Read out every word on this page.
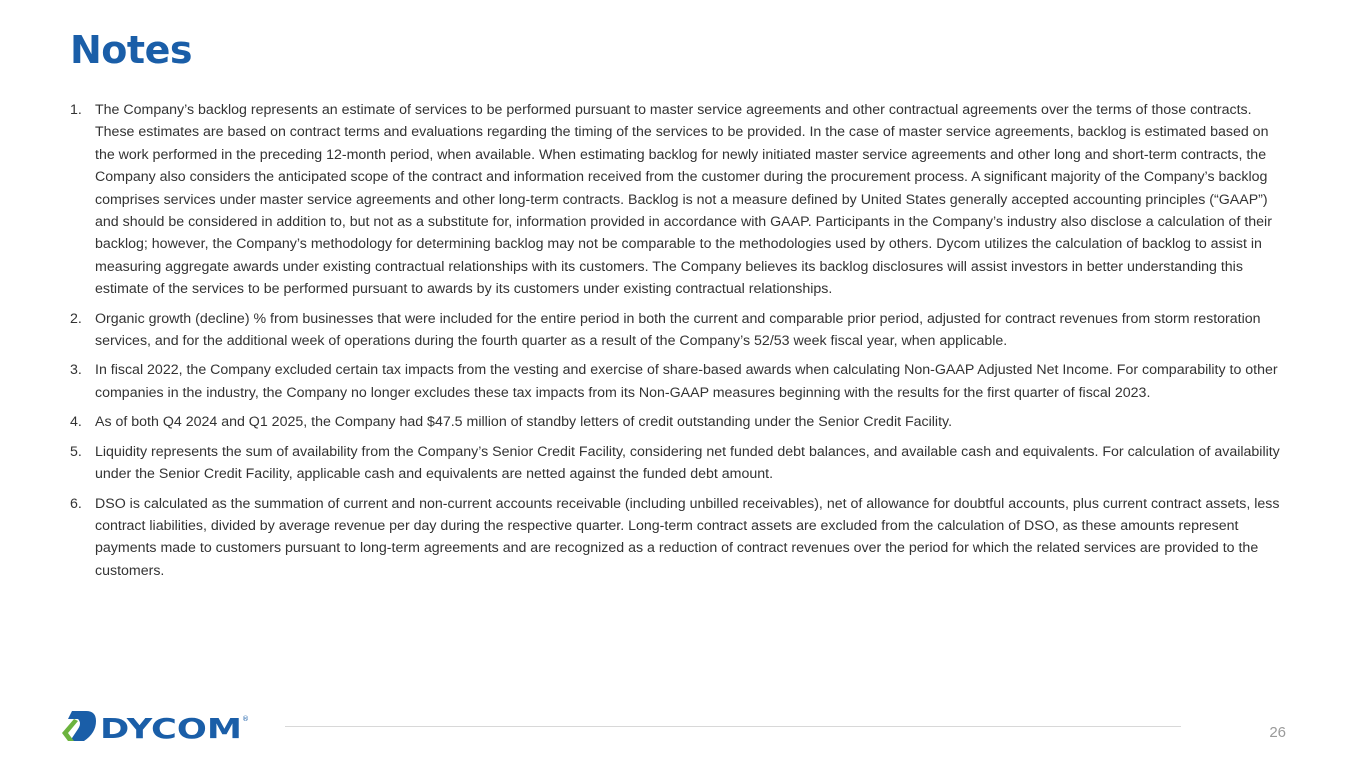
Notes
1. The Company’s backlog represents an estimate of services to be performed pursuant to master service agreements and other contractual agreements over the terms of those contracts. These estimates are based on contract terms and evaluations regarding the timing of the services to be provided. In the case of master service agreements, backlog is estimated based on the work performed in the preceding 12-month period, when available. When estimating backlog for newly initiated master service agreements and other long and short-term contracts, the Company also considers the anticipated scope of the contract and information received from the customer during the procurement process. A significant majority of the Company’s backlog comprises services under master service agreements and other long-term contracts. Backlog is not a measure defined by United States generally accepted accounting principles (“GAAP”) and should be considered in addition to, but not as a substitute for, information provided in accordance with GAAP. Participants in the Company’s industry also disclose a calculation of their backlog; however, the Company’s methodology for determining backlog may not be comparable to the methodologies used by others. Dycom utilizes the calculation of backlog to assist in measuring aggregate awards under existing contractual relationships with its customers. The Company believes its backlog disclosures will assist investors in better understanding this estimate of the services to be performed pursuant to awards by its customers under existing contractual relationships.
2. Organic growth (decline) % from businesses that were included for the entire period in both the current and comparable prior period, adjusted for contract revenues from storm restoration services, and for the additional week of operations during the fourth quarter as a result of the Company’s 52/53 week fiscal year, when applicable.
3. In fiscal 2022, the Company excluded certain tax impacts from the vesting and exercise of share-based awards when calculating Non-GAAP Adjusted Net Income. For comparability to other companies in the industry, the Company no longer excludes these tax impacts from its Non-GAAP measures beginning with the results for the first quarter of fiscal 2023.
4. As of both Q4 2024 and Q1 2025, the Company had $47.5 million of standby letters of credit outstanding under the Senior Credit Facility.
5. Liquidity represents the sum of availability from the Company’s Senior Credit Facility, considering net funded debt balances, and available cash and equivalents. For calculation of availability under the Senior Credit Facility, applicable cash and equivalents are netted against the funded debt amount.
6. DSO is calculated as the summation of current and non-current accounts receivable (including unbilled receivables), net of allowance for doubtful accounts, plus current contract assets, less contract liabilities, divided by average revenue per day during the respective quarter. Long-term contract assets are excluded from the calculation of DSO, as these amounts represent payments made to customers pursuant to long-term agreements and are recognized as a reduction of contract revenues over the period for which the related services are provided to the customers.
DYCOM ®
26
